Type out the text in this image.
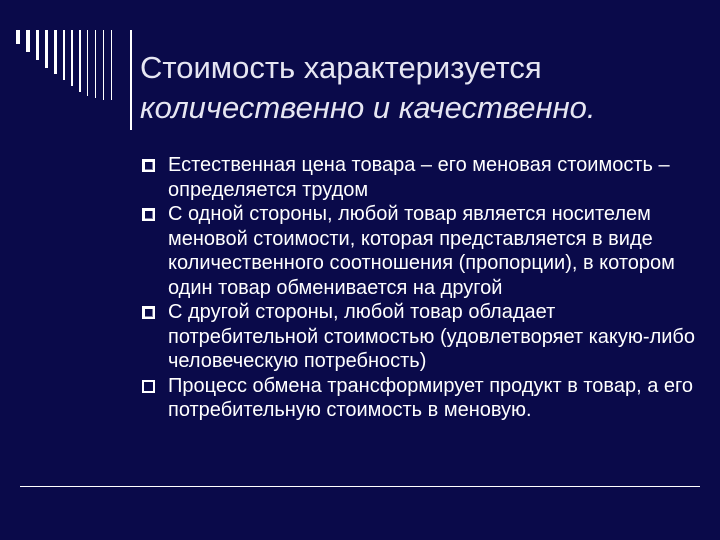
Стоимость характеризуется
количественно и качественно.
Естественная цена товара – его меновая стоимость – определяется трудом
С одной стороны, любой товар является носителем меновой стоимости, которая представляется в виде количественного соотношения (пропорции), в котором один товар обменивается на другой
С другой стороны, любой товар обладает потребительной стоимостью (удовлетворяет какую-либо человеческую потребность)
Процесс обмена трансформирует продукт в товар, а его потребительную стоимость в меновую.
